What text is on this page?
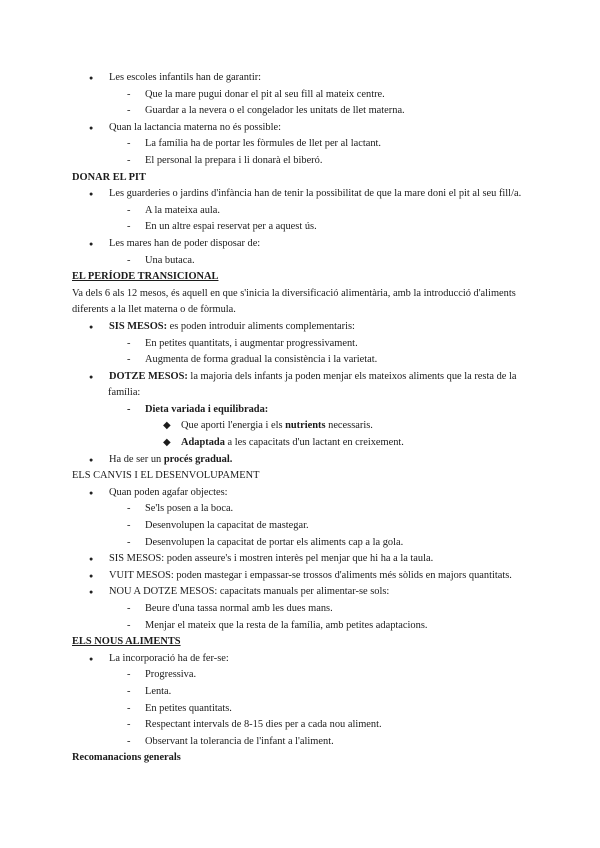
● Les escoles infantils han de garantir:

- Que la mare pugui donar el pit al seu fill al mateix centre.

- Guardar a la nevera o el congelador les unitats de llet materna.

● Quan la lactancia materna no és possible:

- La família ha de portar les fòrmules de llet per al lactant.

- El personal la prepara i li donarà el biberó.

DONAR EL PIT

● Les guarderies o jardins d'infància han de tenir la possibilitat de que la mare doni el pit al seu fill/a.

- A la mateixa aula.

- En un altre espai reservat per a aquest ús.

● Les mares han de poder disposar de:

- Una butaca.

EL PERÍODE TRANSICIONAL

Va dels 6 als 12 mesos, és aquell en que s'inicia la diversificació alimentària, amb la introducció d'aliments

diferents a la llet materna o de fòrmula.

● SIS MESOS: es poden introduir aliments complementaris:

- En petites quantitats, i augmentar progressivament.

- Augmenta de forma gradual la consistència i la varietat.

● DOTZE MESOS: la majoria dels infants ja poden menjar els mateixos aliments que la resta de la

família:

- Dieta variada i equilibrada:

◆ Que aporti l'energia i els nutrients necessaris.

◆ Adaptada a les capacitats d'un lactant en creixement.

● Ha de ser un procés gradual.

ELS CANVIS I EL DESENVOLUPAMENT

● Quan poden agafar objectes:

- Se'ls posen a la boca.

- Desenvolupen la capacitat de mastegar.

- Desenvolupen la capacitat de portar els aliments cap a la gola.

● SIS MESOS: poden asseure's i mostren interès pel menjar que hi ha a la taula.

● VUIT MESOS: poden mastegar i empassar-se trossos d'aliments més sòlids en majors quantitats.

● NOU A DOTZE MESOS: capacitats manuals per alimentar-se sols:

- Beure d'una tassa normal amb les dues mans.

- Menjar el mateix que la resta de la família, amb petites adaptacions.

ELS NOUS ALIMENTS

● La incorporació ha de fer-se:

- Progressiva.

- Lenta.

- En petites quantitats.

- Respectant intervals de 8-15 dies per a cada nou aliment.

- Observant la tolerancia de l'infant a l'aliment.

Recomanacions generals
